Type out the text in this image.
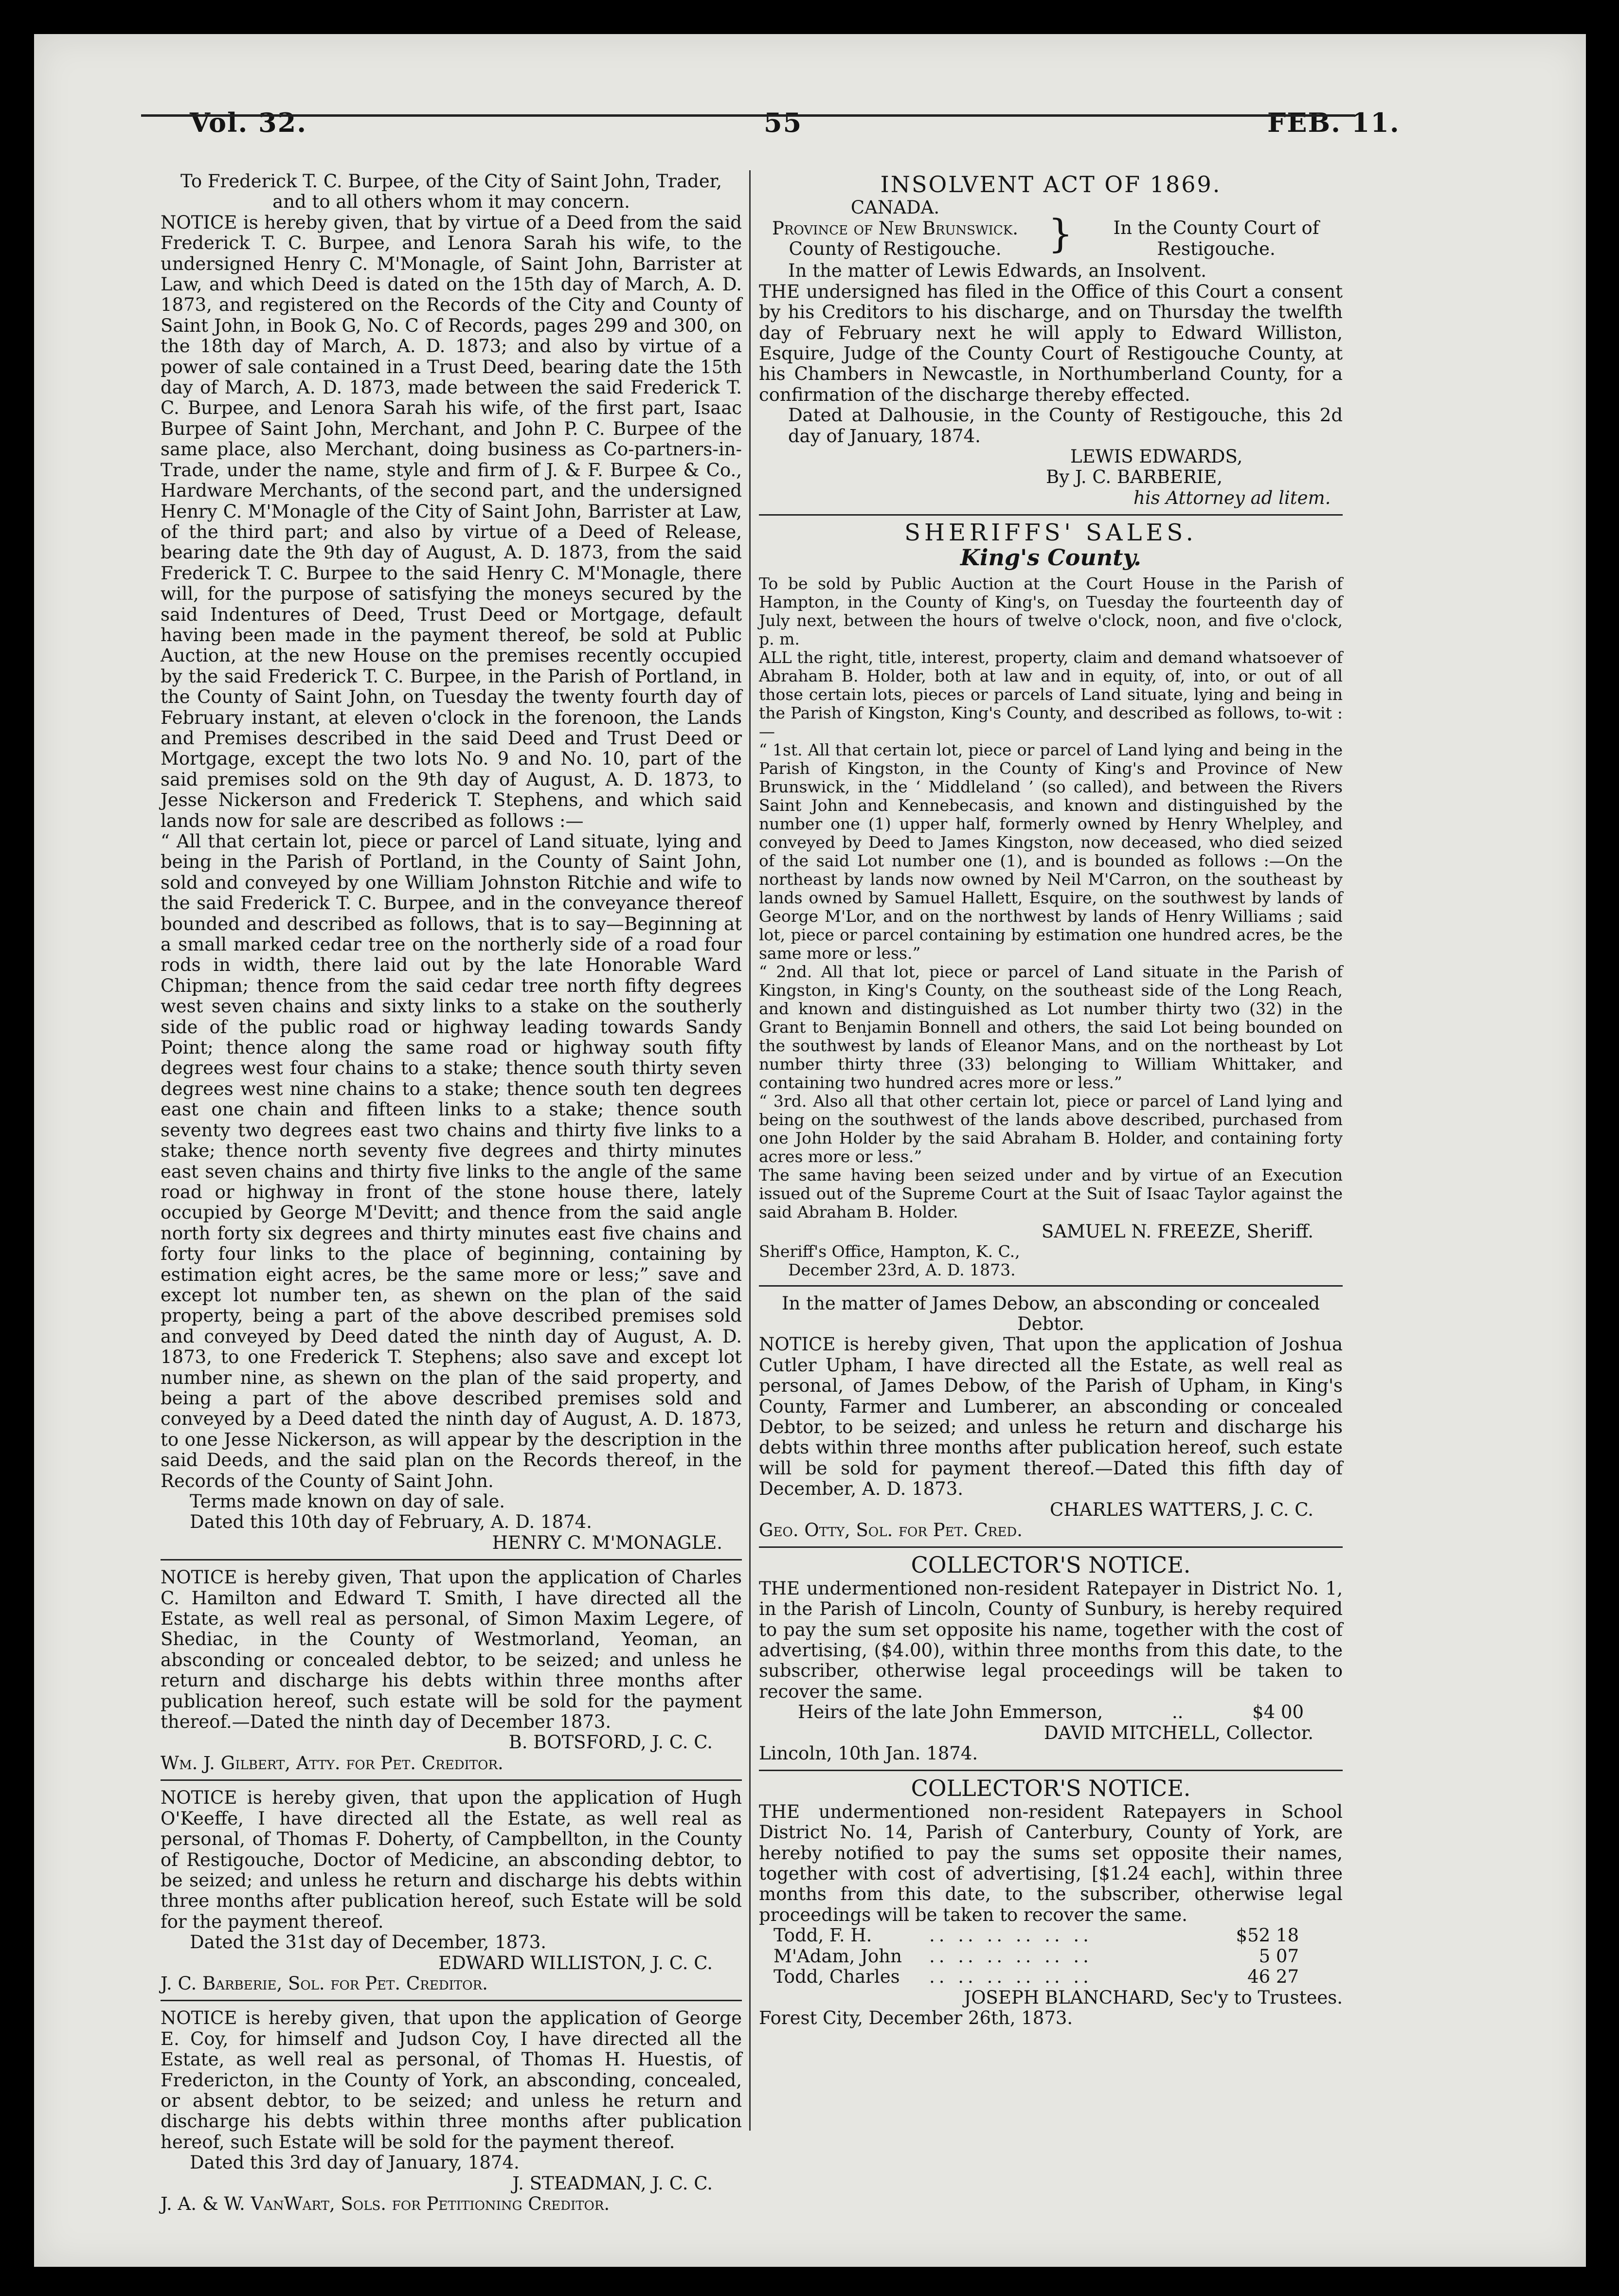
Vol. 32.	55	FEB. 11.

To Frederick T. C. Burpee, of the City of Saint John, Trader, and to all others whom it may concern.

NOTICE is hereby given, that by virtue of a Deed from the said Frederick T. C. Burpee, and Lenora Sarah his wife, to the undersigned Henry C. M'Monagle, of Saint John, Barrister at Law, and which Deed is dated on the 15th day of March, A. D. 1873, and registered on the Records of the City and County of Saint John, in Book G, No. C of Records, pages 299 and 300, on the 18th day of March, A. D. 1873; and also by virtue of a power of sale contained in a Trust Deed, bearing date the 15th day of March, A. D. 1873, made between the said Frederick T. C. Burpee, and Lenora Sarah his wife, of the first part, Isaac Burpee of Saint John, Merchant, and John P. C. Burpee of the same place, also Merchant, doing business as Co-partners-in-Trade, under the name, style and firm of J. & F. Burpee & Co., Hardware Merchants, of the second part, and the undersigned Henry C. M'Monagle of the City of Saint John, Barrister at Law, of the third part; and also by virtue of a Deed of Release, bearing date the 9th day of August, A. D. 1873, from the said Frederick T. C. Burpee to the said Henry C. M'Monagle, there will, for the purpose of satisfying the moneys secured by the said Indentures of Deed, Trust Deed or Mortgage, default having been made in the payment thereof, be sold at Public Auction, at the new House on the premises recently occupied by the said Frederick T. C. Burpee, in the Parish of Portland, in the County of Saint John, on Tuesday the twenty fourth day of February instant, at eleven o'clock in the forenoon, the Lands and Premises described in the said Deed and Trust Deed or Mortgage, except the two lots No. 9 and No. 10, part of the said premises sold on the 9th day of August, A. D. 1873, to Jesse Nickerson and Frederick T. Stephens, and which said lands now for sale are described as follows :—

“ All that certain lot, piece or parcel of Land situate, lying and being in the Parish of Portland, in the County of Saint John, sold and conveyed by one William Johnston Ritchie and wife to the said Frederick T. C. Burpee, and in the conveyance thereof bounded and described as follows, that is to say—Beginning at a small marked cedar tree on the northerly side of a road four rods in width, there laid out by the late Honorable Ward Chipman; thence from the said cedar tree north fifty degrees west seven chains and sixty links to a stake on the southerly side of the public road or highway leading towards Sandy Point; thence along the same road or highway south fifty degrees west four chains to a stake; thence south thirty seven degrees west nine chains to a stake; thence south ten degrees east one chain and fifteen links to a stake; thence south seventy two degrees east two chains and thirty five links to a stake; thence north seventy five degrees and thirty minutes east seven chains and thirty five links to the angle of the same road or highway in front of the stone house there, lately occupied by George M'Devitt; and thence from the said angle north forty six degrees and thirty minutes east five chains and forty four links to the place of beginning, containing by estimation eight acres, be the same more or less;” save and except lot number ten, as shewn on the plan of the said property, being a part of the above described premises sold and conveyed by Deed dated the ninth day of August, A. D. 1873, to one Frederick T. Stephens; also save and except lot number nine, as shewn on the plan of the said property, and being a part of the above described premises sold and conveyed by a Deed dated the ninth day of August, A. D. 1873, to one Jesse Nickerson, as will appear by the description in the said Deeds, and the said plan on the Records thereof, in the Records of the County of Saint John.

Terms made known on day of sale.

Dated this 10th day of February, A. D. 1874.

HENRY C. M'MONAGLE.

NOTICE is hereby given, That upon the application of Charles C. Hamilton and Edward T. Smith, I have directed all the Estate, as well real as personal, of Simon Maxim Legere, of Shediac, in the County of Westmorland, Yeoman, an absconding or concealed debtor, to be seized; and unless he return and discharge his debts within three months after publication hereof, such estate will be sold for the payment thereof.—Dated the ninth day of December 1873.

B. BOTSFORD, J. C. C.

Wm. J. Gilbert, Atty. for Pet. Creditor.

NOTICE is hereby given, that upon the application of Hugh O'Keeffe, I have directed all the Estate, as well real as personal, of Thomas F. Doherty, of Campbellton, in the County of Restigouche, Doctor of Medicine, an absconding debtor, to be seized; and unless he return and discharge his debts within three months after publication hereof, such Estate will be sold for the payment thereof.

Dated the 31st day of December, 1873.

EDWARD WILLISTON, J. C. C.

J. C. Barberie, Sol. for Pet. Creditor.

NOTICE is hereby given, that upon the application of George E. Coy, for himself and Judson Coy, I have directed all the Estate, as well real as personal, of Thomas H. Huestis, of Fredericton, in the County of York, an absconding, concealed, or absent debtor, to be seized; and unless he return and discharge his debts within three months after publication hereof, such Estate will be sold for the payment thereof.

Dated this 3rd day of January, 1874.

J. STEADMAN, J. C. C.

J. A. & W. VanWart, Sols. for Petitioning Creditor.

INSOLVENT ACT OF 1869.
CANADA.
Province of New Brunswick.
County of Restigouche.	}	In the County Court of
Restigouche.

In the matter of Lewis Edwards, an Insolvent.

THE undersigned has filed in the Office of this Court a consent by his Creditors to his discharge, and on Thursday the twelfth day of February next he will apply to Edward Williston, Esquire, Judge of the County Court of Restigouche County, at his Chambers in Newcastle, in Northumberland County, for a confirmation of the discharge thereby effected.

Dated at Dalhousie, in the County of Restigouche, this 2d day of January, 1874.

LEWIS EDWARDS,

By J. C. BARBERIE,

his Attorney ad litem.

SHERIFFS' SALES.
King's County.

To be sold by Public Auction at the Court House in the Parish of Hampton, in the County of King's, on Tuesday the fourteenth day of July next, between the hours of twelve o'clock, noon, and five o'clock, p. m.

ALL the right, title, interest, property, claim and demand whatsoever of Abraham B. Holder, both at law and in equity, of, into, or out of all those certain lots, pieces or parcels of Land situate, lying and being in the Parish of Kingston, King's County, and described as follows, to-wit :—

“ 1st. All that certain lot, piece or parcel of Land lying and being in the Parish of Kingston, in the County of King's and Province of New Brunswick, in the ‘ Middleland ’ (so called), and between the Rivers Saint John and Kennebecasis, and known and distinguished by the number one (1) upper half, formerly owned by Henry Whelpley, and conveyed by Deed to James Kingston, now deceased, who died seized of the said Lot number one (1), and is bounded as follows :—On the northeast by lands now owned by Neil M'Carron, on the southeast by lands owned by Samuel Hallett, Esquire, on the southwest by lands of George M'Lor, and on the northwest by lands of Henry Williams ; said lot, piece or parcel containing by estimation one hundred acres, be the same more or less.”

“ 2nd. All that lot, piece or parcel of Land situate in the Parish of Kingston, in King's County, on the southeast side of the Long Reach, and known and distinguished as Lot number thirty two (32) in the Grant to Benjamin Bonnell and others, the said Lot being bounded on the southwest by lands of Eleanor Mans, and on the northeast by Lot number thirty three (33) belonging to William Whittaker, and containing two hundred acres more or less.”

“ 3rd. Also all that other certain lot, piece or parcel of Land lying and being on the southwest of the lands above described, purchased from one John Holder by the said Abraham B. Holder, and containing forty acres more or less.”

The same having been seized under and by virtue of an Execution issued out of the Supreme Court at the Suit of Isaac Taylor against the said Abraham B. Holder.

SAMUEL N. FREEZE, Sheriff.

Sheriff's Office, Hampton, K. C.,

December 23rd, A. D. 1873.

In the matter of James Debow, an absconding or concealed Debtor.

NOTICE is hereby given, That upon the application of Joshua Cutler Upham, I have directed all the Estate, as well real as personal, of James Debow, of the Parish of Upham, in King's County, Farmer and Lumberer, an absconding or concealed Debtor, to be seized; and unless he return and discharge his debts within three months after publication hereof, such estate will be sold for payment thereof.—Dated this fifth day of December, A. D. 1873.

CHARLES WATTERS, J. C. C.

Geo. Otty, Sol. for Pet. Cred.

COLLECTOR'S NOTICE.

THE undermentioned non-resident Ratepayer in District No. 1, in the Parish of Lincoln, County of Sunbury, is hereby required to pay the sum set opposite his name, together with the cost of advertising, ($4.00), within three months from this date, to the subscriber, otherwise legal proceedings will be taken to recover the same.

Heirs of the late John Emmerson,	..	$4 00

DAVID MITCHELL, Collector.

Lincoln, 10th Jan. 1874.

COLLECTOR'S NOTICE.

THE undermentioned non-resident Ratepayers in School District No. 14, Parish of Canterbury, County of York, are hereby notified to pay the sums set opposite their names, together with cost of advertising, [$1.24 each], within three months from this date, to the subscriber, otherwise legal proceedings will be taken to recover the same.

Todd, F. H.	.. .. .. .. .. ..	$52 18
M'Adam, John	.. .. .. .. .. ..	5 07
Todd, Charles	.. .. .. .. .. ..	46 27

JOSEPH BLANCHARD, Sec'y to Trustees.

Forest City, December 26th, 1873.
